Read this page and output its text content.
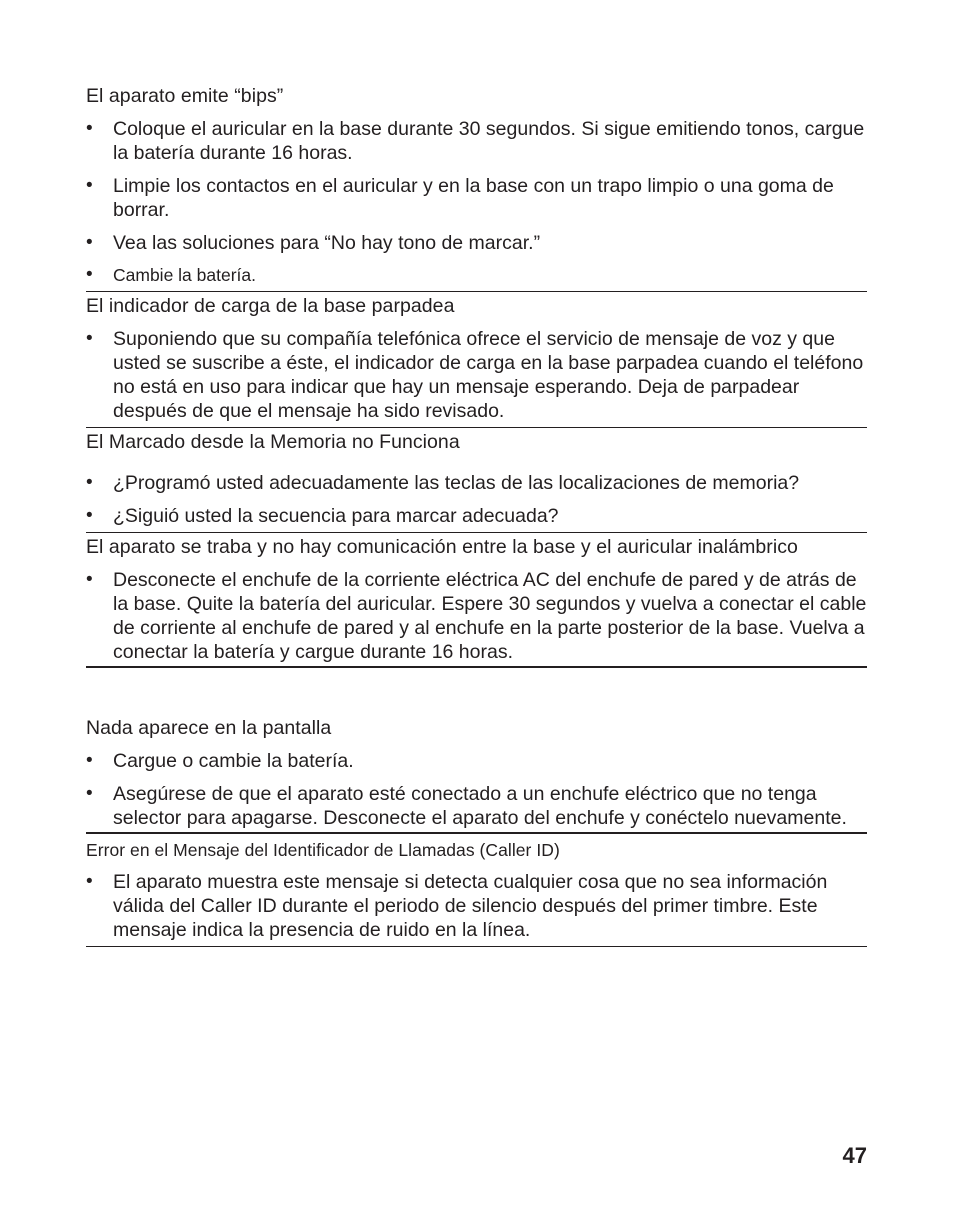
El aparato emite “bips”

• Coloque el auricular en la base durante 30 segundos. Si sigue emitiendo tonos, cargue la batería durante 16 horas.
• Limpie los contactos en el auricular y en la base con un trapo limpio o una goma de borrar.
• Vea las soluciones para “No hay tono de marcar.”
• Cambie la batería.

El indicador de carga de la base parpadea

• Suponiendo que su compañía telefónica ofrece el servicio de mensaje de voz y que usted se suscribe a éste, el indicador de carga en la base parpadea cuando el teléfono no está en uso para indicar que hay un mensaje esperando. Deja de parpadear después de que el mensaje ha sido revisado.

El Marcado desde la Memoria no Funciona

• ¿Programó usted adecuadamente las teclas de las localizaciones de memoria?
• ¿Siguió usted la secuencia para marcar adecuada?

El aparato se traba y no hay comunicación entre la base y el auricular inalámbrico

• Desconecte el enchufe de la corriente eléctrica AC del enchufe de pared y de atrás de la base. Quite la batería del auricular. Espere 30 segundos y vuelva a conectar el cable de corriente al enchufe de pared y al enchufe en la parte posterior de la base. Vuelva a conectar la batería y cargue durante 16 horas.

Nada aparece en la pantalla

• Cargue o cambie la batería.
• Asegúrese de que el aparato esté conectado a un enchufe eléctrico que no tenga selector para apagarse. Desconecte el aparato del enchufe y conéctelo nuevamente.

Error en el Mensaje del Identificador de Llamadas (Caller ID)

• El aparato muestra este mensaje si detecta cualquier cosa que no sea información válida del Caller ID durante el periodo de silencio después del primer timbre. Este mensaje indica la presencia de ruido en la línea.
47
